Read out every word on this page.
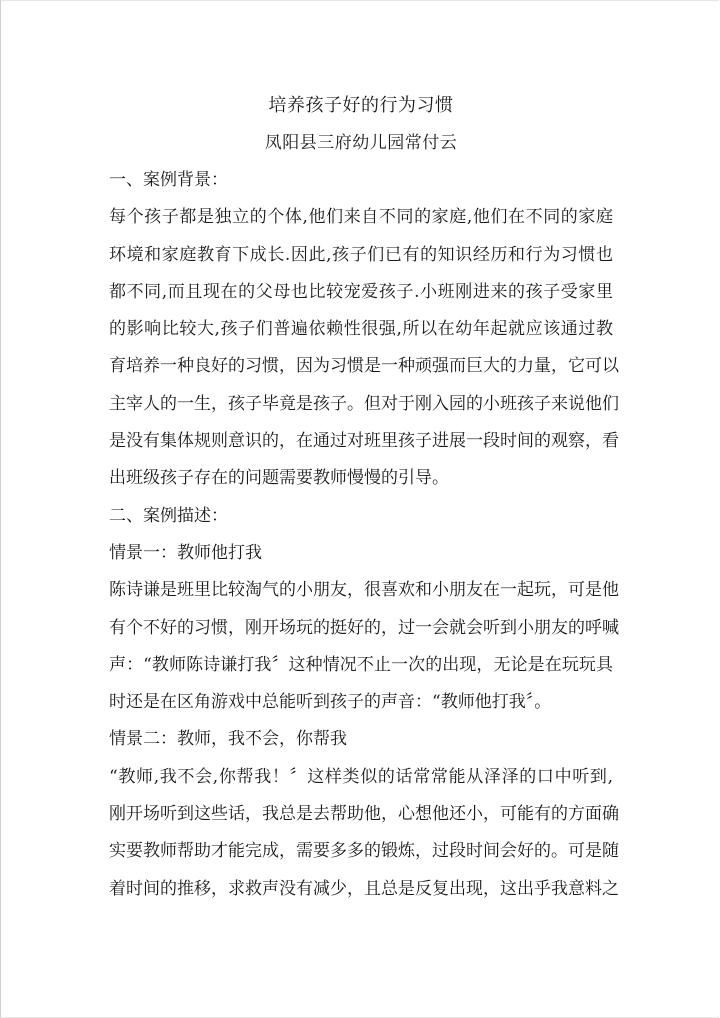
培养孩子好的行为习惯
凤阳县三府幼儿园常付云
一、案例背景：
每个孩子都是独立的个体,他们来自不同的家庭,他们在不同的家庭
环境和家庭教育下成长.因此,孩子们已有的知识经历和行为习惯也
都不同,而且现在的父母也比较宠爱孩子.小班刚进来的孩子受家里
的影响比较大,孩子们普遍依赖性很强,所以在幼年起就应该通过教
育培养一种良好的习惯，因为习惯是一种顽强而巨大的力量，它可以
主宰人的一生，孩子毕竟是孩子。但对于刚入园的小班孩子来说他们
是没有集体规则意识的，在通过对班里孩子进展一段时间的观察，看
出班级孩子存在的问题需要教师慢慢的引导。
二、案例描述：
情景一：教师他打我
陈诗谦是班里比较淘气的小朋友，很喜欢和小朋友在一起玩，可是他
有个不好的习惯，刚开场玩的挺好的，过一会就会听到小朋友的呼喊
声：“教师陈诗谦打我〞这种情况不止一次的出现，无论是在玩玩具
时还是在区角游戏中总能听到孩子的声音：“教师他打我〞。
情景二：教师，我不会，你帮我
“教师,我不会,你帮我！〞这样类似的话常常能从泽泽的口中听到,
刚开场听到这些话，我总是去帮助他，心想他还小，可能有的方面确
实要教师帮助才能完成，需要多多的锻炼，过段时间会好的。可是随
着时间的推移，求救声没有减少，且总是反复出现，这出乎我意料之
